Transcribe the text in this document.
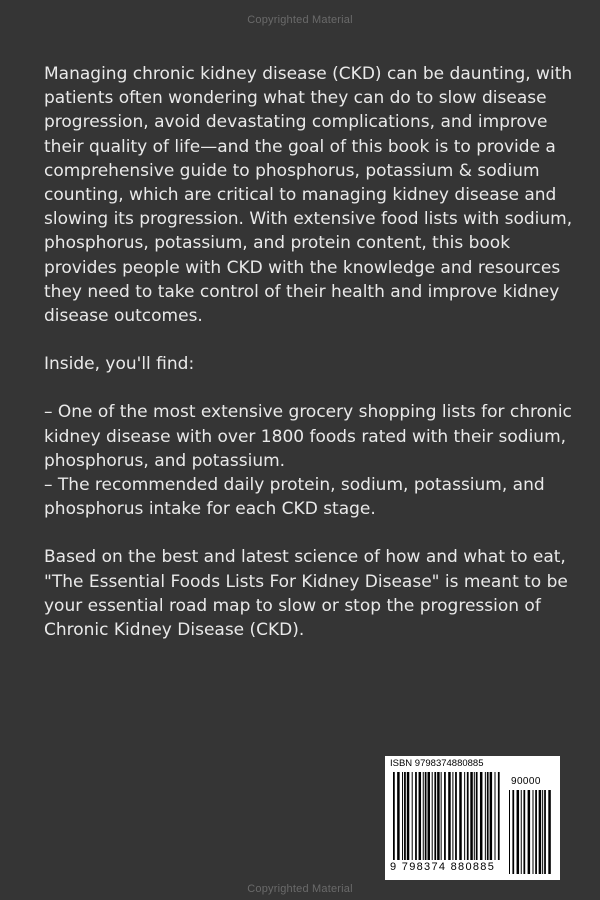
Copyrighted Material

Managing chronic kidney disease (CKD) can be daunting, with patients often wondering what they can do to slow disease progression, avoid devastating complications, and improve their quality of life—and the goal of this book is to provide a comprehensive guide to phosphorus, potassium & sodium counting, which are critical to managing kidney disease and slowing its progression. With extensive food lists with sodium, phosphorus, potassium, and protein content, this book provides people with CKD with the knowledge and resources they need to take control of their health and improve kidney disease outcomes.

Inside, you'll find:

– One of the most extensive grocery shopping lists for chronic kidney disease with over 1800 foods rated with their sodium, phosphorus, and potassium.

– The recommended daily protein, sodium, potassium, and phosphorus intake for each CKD stage.

Based on the best and latest science of how and what to eat, "The Essential Foods Lists For Kidney Disease" is meant to be your essential road map to slow or stop the progression of Chronic Kidney Disease (CKD).

ISBN 9798374880885
90000
9 798374 880885
Copyrighted Material
